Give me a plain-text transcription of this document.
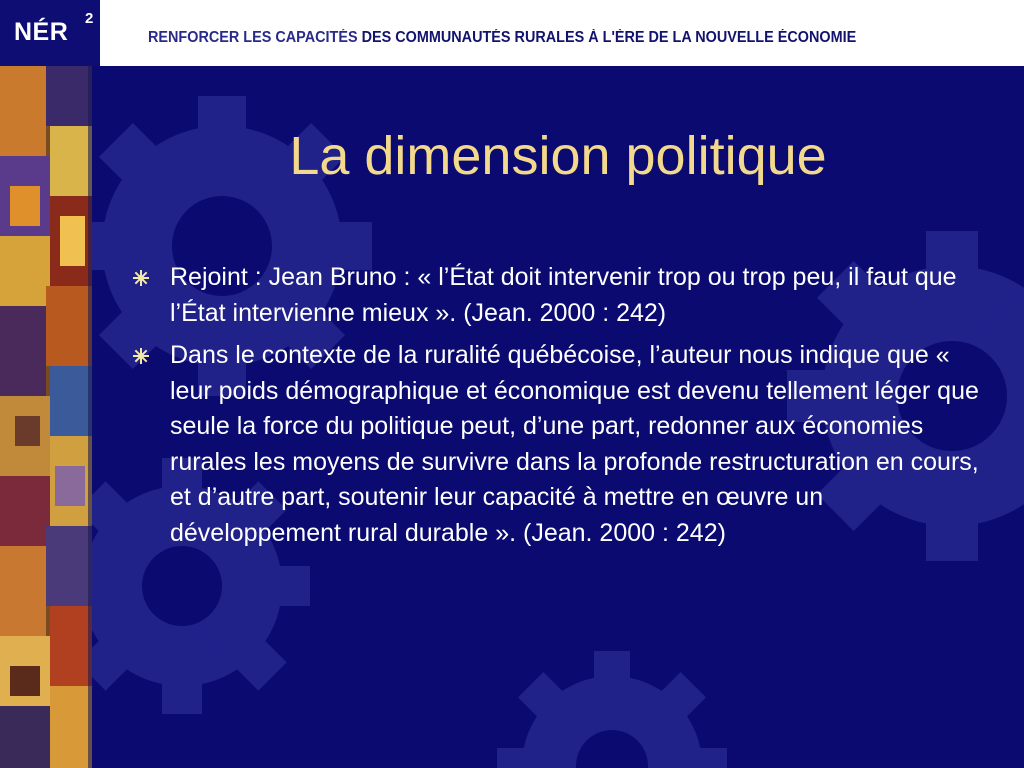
NÉR 2
RENFORCER LES CAPACITÉS DES COMMUNAUTÉS RURALES À L'ÈRE DE LA NOUVELLE ÉCONOMIE
La dimension politique
Rejoint : Jean Bruno : « l’État doit intervenir trop ou trop peu, il faut que l’État intervienne mieux ». (Jean. 2000 : 242)
Dans le contexte de la ruralité québécoise, l’auteur nous indique que « leur poids démographique et économique est devenu tellement léger que seule la force du politique peut, d’une part, redonner aux économies rurales les moyens de survivre dans la profonde restructuration en cours, et d’autre part, soutenir leur capacité à mettre en œuvre un développement rural durable ». (Jean. 2000 : 242)
